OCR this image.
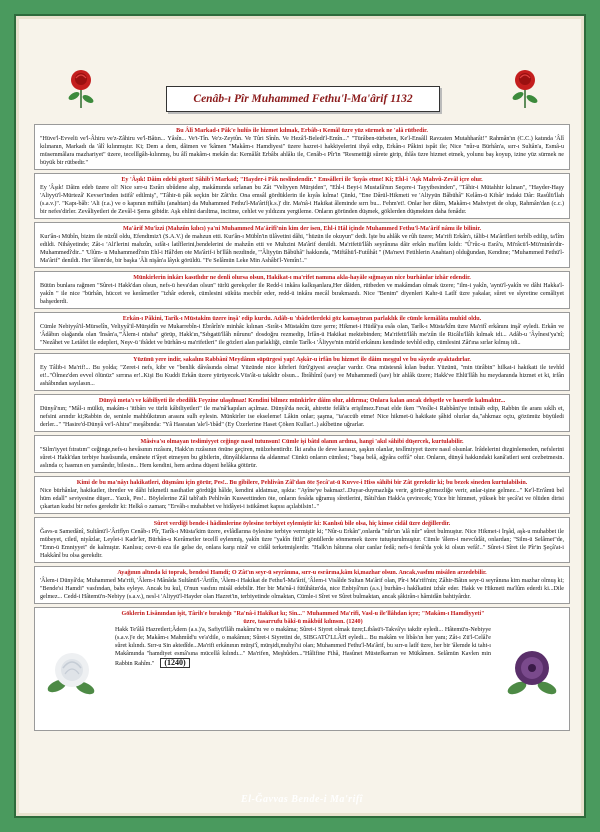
Cenâb-ı Pîr Muhammed Fethu'l-Ma'ârif 1132
Bu Âlî Markad-ı Pâk'e hulûs ile hizmet kılmak, Erbâb-ı Kemâl üzre yüz sürmek ne 'alâ rütbedir.
"Hüve'l-Evvelü ve'l-Âhiru ve'z-Zâhiru ve'l-Bâtın... Yâsîn... Ve't-Tîn. Ve'z-Zeytûn. Ve Tûri Sînîn. Ve Hezâ'l-Beledi'l-Emîn..." "Türâben-türbeten, Ke'l-Ensâll Ravzaten Mutahharât!" Rahmân'ın (C.C.) katında 'Âlî kılınanın, Markadı da 'âlî kılınmıştır. Ki; Dem a dem, dâimen ve 'kâmen "Makâm-ı Hamdiyesi" üzere hazret-i hakkiyelerini ihyâ edip, Erkân-ı Pâkini ispât ile; Nice "nûr-u Bürhân'a, sırr-ı Sultân'a, Esmâ-u müsemmâlara mazhariyet" üzere, tecellîgâh-kılınmış, bu âlî makâm-ı mekân da: Kemâlât Erbâbı ahlâkı ile, Cenâb-ı Pîr'in "Resmettiği sûrete girip, ihlâs üzre hizmet etmek, yolunu baş koyup, izine yüz sürmek ne büyük bir rütbedir."
Ey 'Âşık! Dâim edebi gözet! Sâhib'i Markad; "Hayder-i Pâk neslindendir." Emsâlleri ile 'kıyâs etme! Ki; Ehl-i 'Aşk Mahvû-Zevâl içre olur.
Ey 'Âşık! Dâim edeb üzere ol! Nice sırr-u Esrârı ubûdene alıp, makâmında sırlanan bu Zât "Veliyyen Mürşiden", "Ehl-i Beyt-i Mustafâ'nın Seçere-i Tayyibesinden", "Tâhir-i Mütahhir kılınan", "Hayder-Haşy 'Aliyyü'l-Mürtezâ' Kevser'inden istifâ' edilmiş", "Tâhir-ü pâk seçkin bir Zât'dır. Ona emsâl gördüklerin ile kıyâs kılma! Çünki, "Ene Dârül-Hikmeti ve 'Aliyyün Bâbühâ" Kelâm-ü Kibâr' indaki Dâr: Rasûlü'llah (s.a.v.)". "Kapı-bâb: 'Ali (r.a.) ve o kapının miftâhı (anahtarı) da Muhammed Fethu'l-Ma'ârif(k.s.)' dir. Ma'nâ-i Hakikat âleminde sırrı bu... Fehm'et!. Onlar her dâim, Makâm-ı Mahviyet de olup, Rahmân'dan (c.c.) bir nefes'dirler. Zevâliyetleri de Zevâl-i Şems gibidir. Aşk ehlini darıltma, incitme, cehlet ve yıldızını yergileme. Onların göründen düşmek, göklerden düşmekten daha fenâdır.
Ma'ârif Mu'îzzi (Mahzûn kılıcı) ya'ni Muhammed Ma'ârifî'nin kim der isen, Ehl-i Hâl içinde Muhammed Fethu'l-Ma'ârif nâmı ile bilinir.
Kur'ân-ı Mübîn, bizim ile nüzûl oldu, Efendimiz'i (S.A.V.) de mahzun etti. Kur'ân-ı Mübîn'in tilâvetini dâhi, "hüzün ile okuyun" dedi. İşte bu ahlâk ve rûh üzere; Ma'rifi Erkân'ı, tâlib-i Ma'ârifleri terbîb edilip, ta'lîm edildi. Nihâyetinde; Zât-ı 'Ali'lerini mahzûn, sıfât-ı latîflerini,bendelerini de mahzûn etti ve Muhzini Ma'ârif denildi. Ma'rifetü'llâh seyrânına dâir erkân ma'lûm kıldı: "Û'rûc-u Esrâ'u, Mi'râcü'l-Mü'minîn'dir-Muhammedî'dir.." 'Ulûm- u Muhammedî'nin Ehl-i Hâl'den ote Ma'ârif-i bi'llâh nezdinde, "'Âliyyün Bâbühâ" hakkında, "Miftâhü'l-Futûhât " (Ma'nevi Fetihlerin Anahtarı) olduğundan, Kendine; "Muhammed Fethü'l- Ma'ârif" denildi. Her 'âlem'de, bir başka 'Âli nişân'a lâyık görüldü. "Fe Selâmün Leke Min Ashâbi'l-Yemîn!.."
Münkirlerin inkârı kasıtlıdır ne denli olursa olsun, Hakikat-ı ma'rifet namına akla-hayâle sığmayan nice burhânlar izhâr edendir.
Bütün bunlara rağmen "Sûret-i Hakk'dan olsun, nefs-ü heva'dan olsun" türlü gerekçeler ile Redd-i inkâra kalkışanlara,Her dâiden, rütbeden ve makâmdan olmak üzere; "ilm-i yakîn, 'aynü'l-yakîn ve dâhi Hakka'l-yakîn " ile nice "bürhân, hüccet ve kerâmetler "izhâr ederek, cümlesini sükûta mecbûr eder, redd-ü inkâra mecâl bırakmazdı. Nice "Benim" diyenleri Kahr-ü Latîf üzre yakalar, sûret ve sîyretine cemâliyet bahşederdi.
Erkân-ı Pâkini, Tarîk-ı Müstakîm üzere inşâ' edip kurdu. Adâb-u 'ıbâdetlerdeki göz kamaştıran parlaklık ile cümle kemâlâta muhîd oldu.
Cümle Nebiyyâ'il-Mürselîn, Veliyyâ'il-Mürşidîn ve Mukarrebîn-i Ebrârîn'e minhâc kılınan -Sırât-ı Müstakîm üzre şerre; Hikmet-i Hüdâ'ya esâs olan, Tarîk-ı Müsta'kîm üzre Ma'rifî erkânını inşâ' eyledi. Erkân ve 'Âdâbın olağanda olan 'İnsân'a,"'Âlem-i nüsha" görüp, Hakk'ın,"Sıbgatü'llâh nûrunu" dosdoğru rezmedip, İrfân-ü Hakikat mektebinden; Ma'rifetü'llâh me'zûn ile Ricâlu'llâh kılmak idi... Adâb-u 'Âyînesi'ya'nî; "Nezâhet ve Letâfet ile edepleri, Neşv-ü 'ibâdet ve bürhân-u ma'rifetleri" ile gözleri alan parlakliği, cümle Tarîk-ı 'Âliyye'nin mürîd erkânını kendinde tevhîd edip, cümlesini Zât'ına sırlar kılmış idi..
Yüzünü yere indir, sakalını Rabbânî Meydânın süpürgesi yap! Aşkâr-u irfân bu hizmet ile dâim meşgul ve bu sâyede ayaktadırlar.
Ey Tâlib-i Ma'rif!... Bu yolda; "Zeret-i nefs, kibr ve "benlik dâvâsında olma! Yüzünde nice kibrleri fürû'giyesi avuçlar vardır. Ona müstesnâ kılan budur. Yüzünü, "min türâbin" hilkat-i hakikati ile tevhîd et!.."Ölmez'den evvel ölünüz" sırrına er!..Kişi Bu Kuddi Erkân üzere yürüyecek.Vüs'ât-u takâdir olsun... İbrâhîmî (sav) ve Muhammedî (sav) bir ahlâk üzere; Hakk've Ehlü'llâh hu meydanında hizmet et ki, irfân ashâbından sayılasın...
Dünyâ meta'ı ve kâbiliyeti ile ebedilik Feyzine ulaşılmaz! Kendini bilmez münkirler dâim olur, aldırma; Onlara kalan ancak dehşetle ve hasretle kalmaktır...
Dünyâ'nın; "Mâl-ı mülkü, makâm-ı 'itibârı ve türlü kâbiliyetleri" ile ma'nâ'kapıları açılmaz. Dünyâ'da necât, ahirette felâh'a erişilmez.Fırsat elde iken "Vesîle-i Rabbâni'ye intisâb edip, Rabbin ile aranı sıkîh et, nefsini arındır ki;Rabbin de, seninle mahbûkıtının arasını sulh eylesin. Münkirler ise ekseleme! Lâkin onlar; şaşma, "ta'accüb etme! Nice hikmet-ü hakikate şâhid olurlar da,"ahkmaz oçtu, gözümüz büyüledi derler..." "Hasire'd-Dünyâ ve'l-Ahira" meşâbında: "Yâ Hasratan 'ale'l-'ibâd" (Ey Üzerlerine Haset Çöken Kullar!..) akîbetine uğrarlar.
Mâsiva'sı olmayan teslimiyyet ceğinge nasıl tutunsun! Cümle işi bâtıl olanın ardına, hangi 'akıl sâhibi düşercek, kurtulabilir.
"Silm'iyyet fıtratım" ceğinge,nefs-u hevâsının rızâsını, Hakk'ın rızâsının önüne geçiren, mülzehentirdir. İki araba ile deve karasız, şaşkın olanlar, teslîmiyyet üzere nasıl olsunlar. İrâdelerini dizginlemeden, nefslerini sûret-i Hakk'dan terbiye husûsunda, emânete ri'âyet etmeyen bu gibilerin, dünyâlıklarına da aldanma! Cünkü onların cümlesi; "başa belâ, ağyâra ceffâ" olur. Onların, dünyâ hakkındaki kanâ'atleri seni cezbetmesin. aslında o; hasmın en yamândır, bilesin... Hem kendini, hem ardına düşeni helâka götürür.
Kimi de bu ma'nâyı hakikatleri, düşmânı için görür, Pes!.. Bu gibilere, Pehlivân Zâl'dan öte Şecâ'at-ü Kuvve-i Hiss sâhibi bir Zât gerekdir ki; bu bezek sineden kurtulabilsin.
Nice bürhânlar, hakikatler, ibretler ve dâhi hikmetli nasihatler gördüğü hâlde, kendini aldatmaz, ışıkta: "Ayîne'ye bakmaz!..Duyar-duymazlığa verir, görür-görmezliğe verir, anlar-işine gelmez..." Ke'l-En'âmü bel hüm edall" seviyesine düşer... Yazık, Pes!.. Böylelerine Zâl tabî'ath Pehlivân Kuswettinden öte, onların fesâda uğramış sîretlerini, Bâtıl'dan Hakk'a çevirecek; Yüce bir himmet, yüksek bir şecâ'at ve ölüden dirisi çıkartan kudsi bir nefes gerekdir ki: Helkâ o zaman; "Ervâh-ı muhabbet ve hidâyet-i istikâmet kapısı açılabilsin!.."
Sûret verdiği bende-i hâdimlerine öylesine terbiyet eylemiştir ki: Kanlısû bile olsa, hiç kimse cidâl üzre değillerdir.
Ğavs-u Samedânî, Sultânü'l-'Ârifîyn Cenâb-ı Pîr, Tarîk-ı Müsta'kim üzere, evlâdlarına öylesine terbiye vermiştir ki; "Nûr-u Erkân",onlarda "nûr'un 'alâ nûr" sûret bulmuştur. Nice Hikmet-i İrşâd, aşk-u muhabbet ile mübeyet, ciletî, niyâzlar, Leylet-i Kadr'ler, Bürhân-u Kerâmetler tecellî eylenmiş, yakîn üzre "yakîn fitili" gönüllerde sönmemek üzere tutuşturulmuştur. Cümle 'âlem-i mevcûdât, onlardan; "Silm-ü Selâmet"de, "Emn-ü Emniyyet" de kalmıştır. Kanlısu; cevr-ü eza ile gelse de, onlara karşı nizâ' ve cidâl terketmişlerdir. "Halk'ın hâtırına olur canlar fedâ; nefs-i fenâ'da yok ki olsun vefâ!.." Sûret-i Sîret ile Pîr'in Şeçâ'at-i Hakkânî bu olsa gerekdir.
Ayağının altında ki toprak, bendesi Hamdi; O Zât'ın seyr-ü seyrânına, sırr-u esrârına,kâm ki,mazhar olsun. Ancak,vasfını misâlen arzedebilir.
'Âlem-i Dünyâ'da; Muhammed Ma'rifi, 'Âlem-i Mânâda Sultânü'l-'Ârifîn, 'Âlem-i Hakikat de Fethu'l-Ma'ârif, 'Âlem-i Visâlde Sultan Ma'ârif olan, Pîr-i Ma'rifi'nin; Zâhir-Bâtın seyr-ü seyrânına kim mazhar olmuş ki; "Bende'si Hamdi" vasfından, bahs eyleye. Ancak bu kul, O'nun vasfını misâl edebilir. Her bir Ma'nâ-i fütûhâtın'da, nice Enbiyâ'nın (a.s.) burhân-ı hakîkatini izhâr eder. Hakk ve Hikmeti ma'lûm ederdi ki...Dile gelmez... Cedd-i Hâtemü'n-Nebiyy (s.a.v.), nesl-i 'Aliyyü'l-Hayder olan Hazret'in, terbiyetinde olmaktan, Cümle-i Sîret ve Sûret bulmaktan, ancak şâkirân-ı hâmidân bahtiyârdır.
Göklerin Lisânından işit, Târih'e bıraktığı "Ra'nâ-i Hakîkat kı; Sin..." Muhammed Ma'rifi, Vasl-u ile'llâhdan içre; "Makâm-ı Hamdiyyeti" üzre, tasarrufu bâkî-ü mâkbûl kılınsın. (1240)
Hakk Te'âlâ Hazretleri;Âdem (a.s.)'a, Safiyü'llâh makâmı'nı ve o makâma; Sûret-i Siyret olmak üzre;Libâsü't-Takvâ'yı takdir eyledi... Hâtemü'n-Nebiyye (s.a.v.)'e de; Makâm-ı Mahmûd'u ve'a'dile, o makâmın; Sûret-i Siyretini de, SIBGATÜ'LLÂH eyledi... Bu makâm ve libâs'ın her yanı; Zât-ı Zü'l-Celâl'e sûret kılındı. Sırr-u Sin aktedîde...Ma'rifi erkânının mürşi'î, mürşidi,muhyî'si olan; Muhammed Fethu'l-Ma'ârif, bu sırr-u latîf üzre, her bir 'âlemde ki taht-ı Makâmında "hamdiyet esmâ'sına mücellâ kılındı..." Ma'rifen, Meşhûden..."Hâlifine Fihâ, Hasûnet Müstefkarran ve Mükâmen. Selâmün Kavlen min Rabbin Rahîm." (1240)
El-Ğavvas Bende-i Ma'rifî
